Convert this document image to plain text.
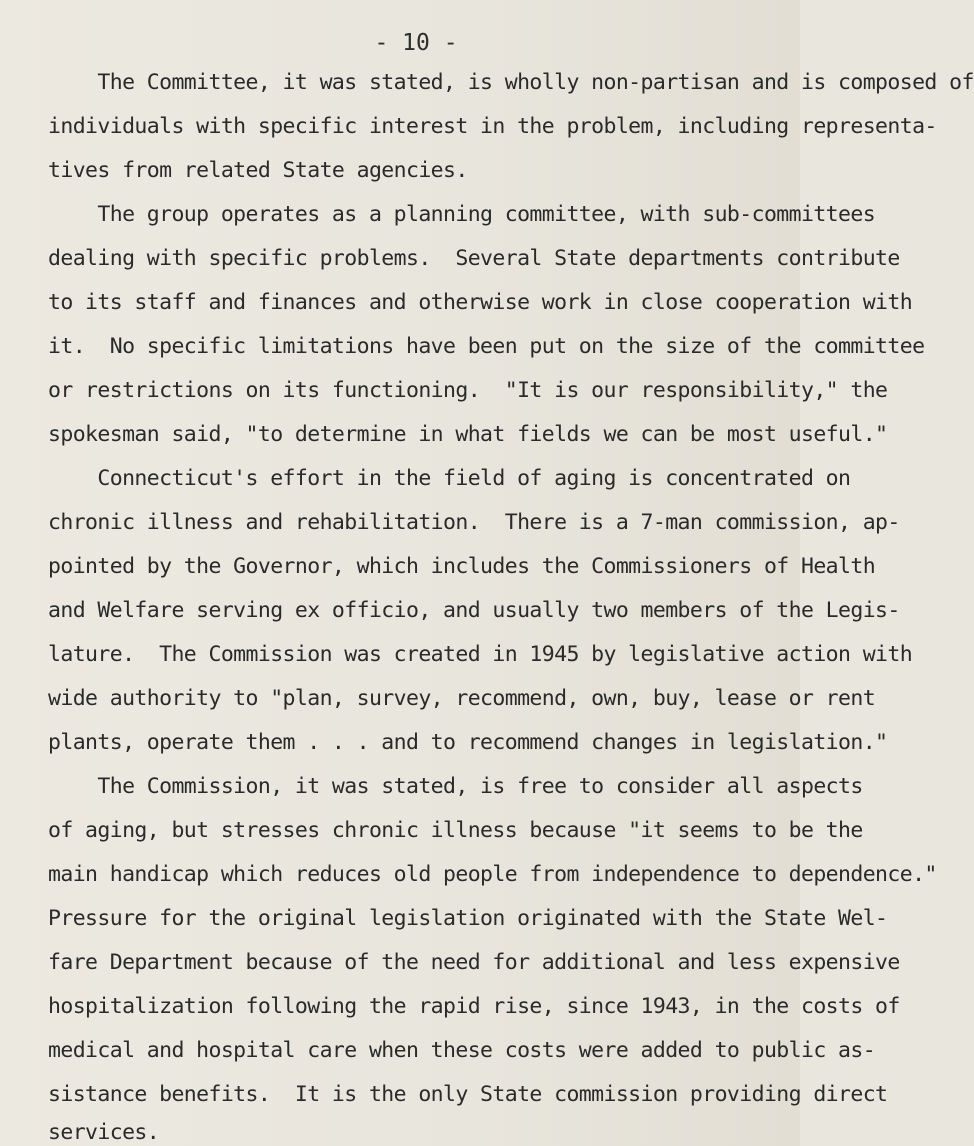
- 10 -
The Committee, it was stated, is wholly non-partisan and is composed of
individuals with specific interest in the problem, including representa-
tives from related State agencies.
The group operates as a planning committee, with sub-committees
dealing with specific problems.  Several State departments contribute
to its staff and finances and otherwise work in close cooperation with
it.  No specific limitations have been put on the size of the committee
or restrictions on its functioning.  "It is our responsibility," the
spokesman said, "to determine in what fields we can be most useful."
Connecticut's effort in the field of aging is concentrated on
chronic illness and rehabilitation.  There is a 7-man commission, ap-
pointed by the Governor, which includes the Commissioners of Health
and Welfare serving ex officio, and usually two members of the Legis-
lature.  The Commission was created in 1945 by legislative action with
wide authority to "plan, survey, recommend, own, buy, lease or rent
plants, operate them . . . and to recommend changes in legislation."
The Commission, it was stated, is free to consider all aspects
of aging, but stresses chronic illness because "it seems to be the
main handicap which reduces old people from independence to dependence."
Pressure for the original legislation originated with the State Wel-
fare Department because of the need for additional and less expensive
hospitalization following the rapid rise, since 1943, in the costs of
medical and hospital care when these costs were added to public as-
sistance benefits.  It is the only State commission providing direct
services.
